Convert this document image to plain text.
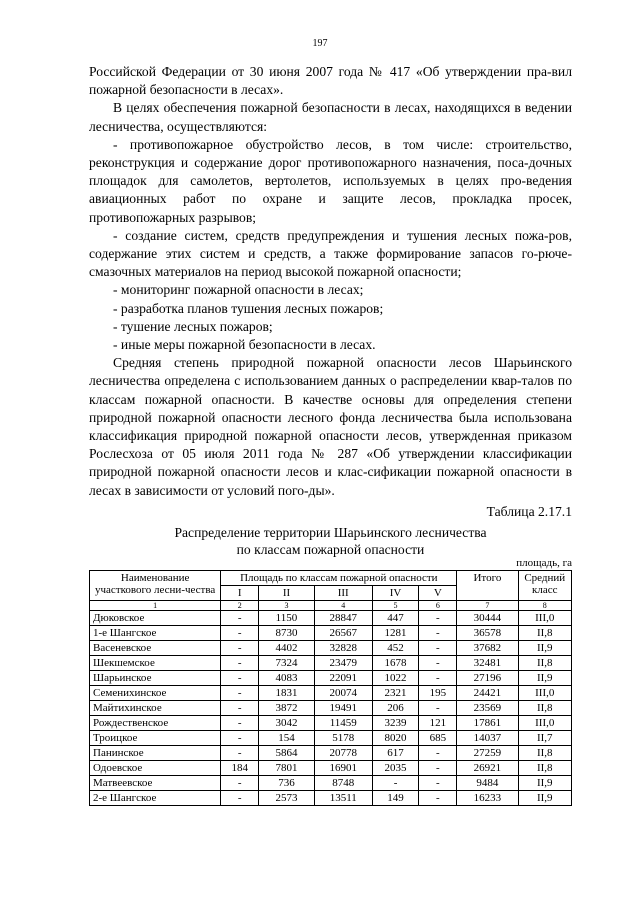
197

Российской Федерации от 30 июня 2007 года № 417 «Об утверждении пра-вил пожарной безопасности в лесах».

В целях обеспечения пожарной безопасности в лесах, находящихся в ведении лесничества, осуществляются:

- противопожарное обустройство лесов, в том числе: строительство, реконструкция и содержание дорог противопожарного назначения, поса-дочных площадок для самолетов, вертолетов, используемых в целях про-ведения авиационных работ по охране и защите лесов, прокладка просек, противопожарных разрывов;

- создание систем, средств предупреждения и тушения лесных пожа-ров, содержание этих систем и средств, а также формирование запасов го-рюче-смазочных материалов на период высокой пожарной опасности;

- мониторинг пожарной опасности в лесах;

- разработка планов тушения лесных пожаров;

- тушение лесных пожаров;

- иные меры пожарной безопасности в лесах.

Средняя степень природной пожарной опасности лесов Шарьинского лесничества определена с использованием данных о распределении квар-талов по классам пожарной опасности. В качестве основы для определения степени природной пожарной опасности лесного фонда лесничества была использована классификация природной пожарной опасности лесов, утвержденная приказом Рослесхоза от 05 июля 2011 года № 287 «Об утверждении классификации природной пожарной опасности лесов и клас-сификации пожарной опасности в лесах в зависимости от условий пого-ды».

Таблица 2.17.1

Распределение территории Шарьинского лесничества
по классам пожарной опасности
площадь, га
Наименование участкового лесни-чества	Площадь по классам пожарной опасности					Итого	Средний класс
	I	II	III	IV	V		
1	2	3	4	5	6	7	8
Дюковское	-	1150	28847	447	-	30444	III,0
1-е Шангское	-	8730	26567	1281	-	36578	II,8
Васеневское	-	4402	32828	452	-	37682	II,9
Шекшемское	-	7324	23479	1678	-	32481	II,8
Шарьинское	-	4083	22091	1022	-	27196	II,9
Семенихинское	-	1831	20074	2321	195	24421	III,0
Майтихинское	-	3872	19491	206	-	23569	II,8
Рождественское	-	3042	11459	3239	121	17861	III,0
Троицкое	-	154	5178	8020	685	14037	II,7
Панинское	-	5864	20778	617	-	27259	II,8
Одоевское	184	7801	16901	2035	-	26921	II,8
Матвеевское	-	736	8748	-	-	9484	II,9
2-е Шангское	-	2573	13511	149	-	16233	II,9
